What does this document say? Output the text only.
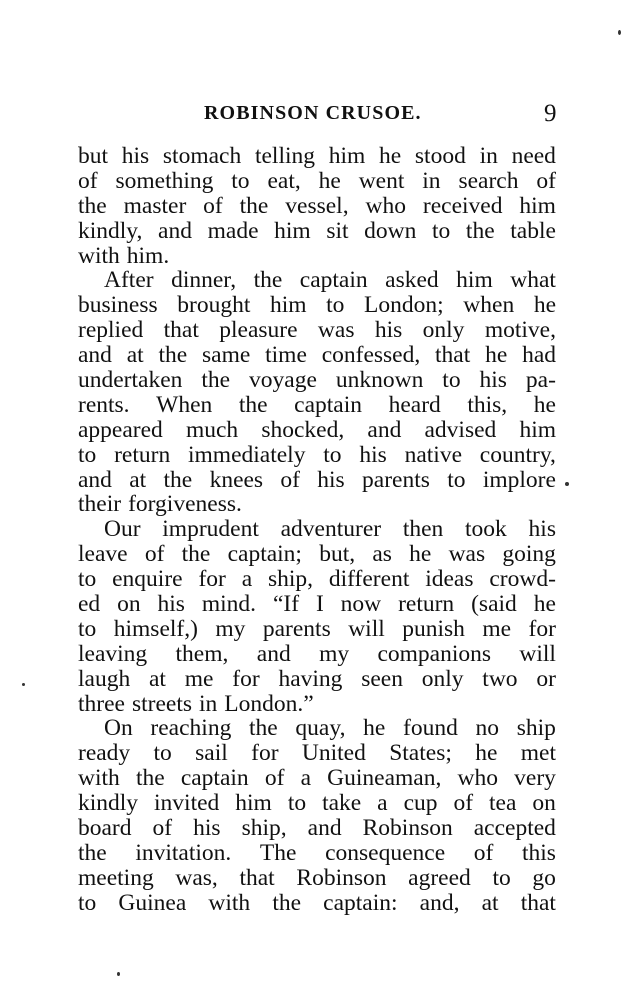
ROBINSON CRUSOE.	9
but his stomach telling him he stood in need
of something to eat, he went in search of
the master of the vessel, who received him
kindly, and made him sit down to the table
with him.
After dinner, the captain asked him what
business brought him to London; when he
replied that pleasure was his only motive,
and at the same time confessed, that he had
undertaken the voyage unknown to his pa-
rents. When the captain heard this, he
appeared much shocked, and advised him
to return immediately to his native country,
and at the knees of his parents to implore
their forgiveness.
Our imprudent adventurer then took his
leave of the captain; but, as he was going
to enquire for a ship, different ideas crowd-
ed on his mind. “If I now return (said he
to himself,) my parents will punish me for
leaving them, and my companions will
laugh at me for having seen only two or
three streets in London.”
On reaching the quay, he found no ship
ready to sail for United States; he met
with the captain of a Guineaman, who very
kindly invited him to take a cup of tea on
board of his ship, and Robinson accepted
the invitation. The consequence of this
meeting was, that Robinson agreed to go
to Guinea with the captain: and, at that
